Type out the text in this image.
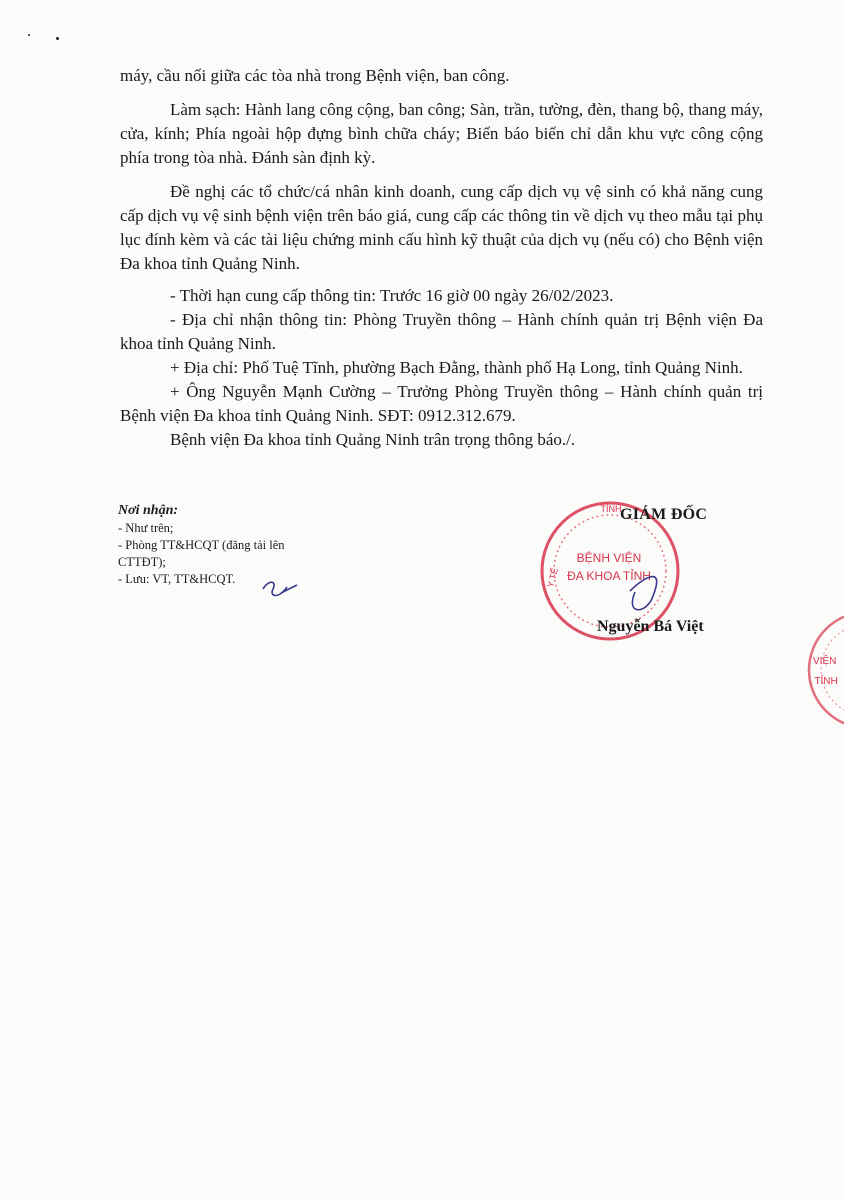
máy, cầu nối giữa các tòa nhà trong Bệnh viện, ban công.

Làm sạch: Hành lang công cộng, ban công; Sàn, trần, tường, đèn, thang bộ, thang máy, cửa, kính; Phía ngoài hộp đựng bình chữa cháy; Biển báo biển chỉ dẫn khu vực công cộng phía trong tòa nhà. Đánh sàn định kỳ.

Đề nghị các tổ chức/cá nhân kinh doanh, cung cấp dịch vụ vệ sinh có khả năng cung cấp dịch vụ vệ sinh bệnh viện trên báo giá, cung cấp các thông tin về dịch vụ theo mẫu tại phụ lục đính kèm và các tài liệu chứng minh cấu hình kỹ thuật của dịch vụ (nếu có) cho Bệnh viện Đa khoa tỉnh Quảng Ninh.

- Thời hạn cung cấp thông tin: Trước 16 giờ 00 ngày 26/02/2023.

- Địa chỉ nhận thông tin: Phòng Truyền thông – Hành chính quản trị Bệnh viện Đa khoa tỉnh Quảng Ninh.

+ Địa chỉ: Phố Tuệ Tĩnh, phường Bạch Đằng, thành phố Hạ Long, tỉnh Quảng Ninh.

+ Ông Nguyễn Mạnh Cường – Trưởng Phòng Truyền thông – Hành chính quản trị Bệnh viện Đa khoa tỉnh Quảng Ninh. SĐT: 0912.312.679.

Bệnh viện Đa khoa tỉnh Quảng Ninh trân trọng thông báo./.

Nơi nhận:
- Như trên;
- Phòng TT&HCQT (đăng tải lên CTTĐT);
- Lưu: VT, TT&HCQT.
TỈNH
Y TẾ
BỆNH VIỆN
ĐA KHOA TỈNH
GIÁM ĐỐC
Nguyễn Bá Việt
VIỆN
. TỈNH
